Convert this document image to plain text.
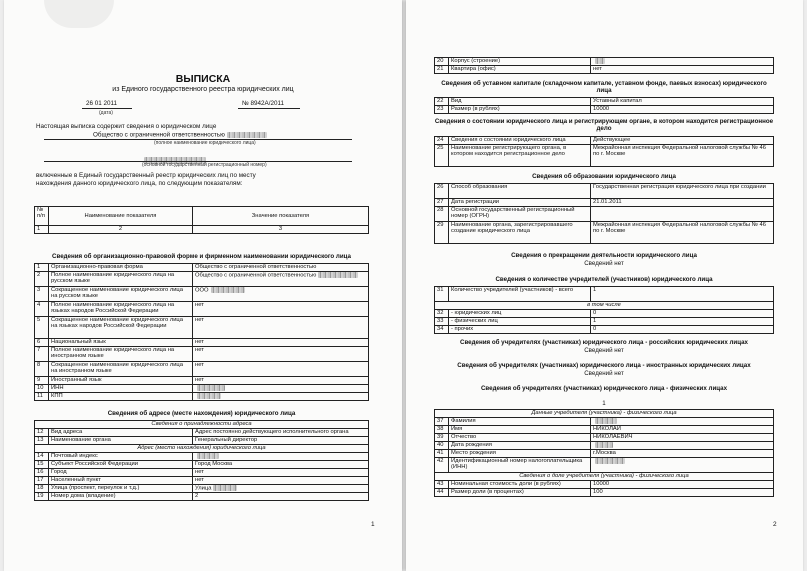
ВЫПИСКА
из Единого государственного реестра юридических лиц
26 01 2011
(дата)
№ 8942А/2011
Настоящая выписка содержит сведения о юридическом лице
Общество с ограниченной ответственностью
(полное наименование юридического лица)
(основной государственный регистрационный номер)
включенные в Единый государственный реестр юридических лиц по месту
нахождения данного юридического лица, по следующим показателям:
№ п/п	Наименование показателя	Значение показателя
1	2	3
Сведения об организационно-правовой форме и фирменном наименовании юридического лица
1	Организационно-правовая форма	Общество с ограниченной ответственностью
2	Полное наименование юридического лица на русском языке	Общество с ограниченной ответственностью
3	Сокращенное наименование юридического лица на русском языке	ООО
4	Полное наименование юридического лица на языках народов Российской Федерации	нет
5	Сокращенное наименование юридического лица на языках народов Российской Федерации	нет
6	Национальный язык	нет
7	Полное наименование юридического лица на иностранном языке	нет
8	Сокращенное наименование юридического лица на иностранном языке	нет
9	Иностранный язык	нет
10	ИНН	
11	КПП	
Сведения об адресе (месте нахождения) юридического лица
Сведения о принадлежности адреса		
12	Вид адреса	Адрес постоянно действующего исполнительного органа
13	Наименование органа	Генеральный директор
Адрес (место нахождения) юридического лица		
14	Почтовый индекс	
15	Субъект Российской Федерации	Город Москва
16	Город	нет
17	Населенный пункт	нет
18	Улица (проспект, переулок и т.д.)	Улица
19	Номер дома (владение)	2
1
20	Корпус (строение)	
21	Квартира (офис)	нет
Сведения об уставном капитале (складочном капитале, уставном фонде, паевых взносах) юридического лица
22	Вид	Уставный капитал
23	Размер (в рублях)	10000
Сведения о состоянии юридического лица и регистрирующем органе, в котором находится регистрационное дело
24	Сведения о состоянии юридического лица	Действующее
25	Наименование регистрирующего органа, в котором находится регистрационное дело	Межрайонная инспекция Федеральной налоговой службы № 46 по г. Москве
Сведения об образовании юридического лица
26	Способ образования	Государственная регистрация юридического лица при создании
27	Дата регистрации	21.01.2011
28	Основной государственный регистрационный номер (ОГРН)	
29	Наименование органа, зарегистрировавшего создание юридического лица	Межрайонная инспекция Федеральной налоговой службы № 46 по г. Москве
Сведения о прекращении деятельности юридического лица
Сведений нет
Сведения о количестве учредителей (участников) юридического лица
31	Количество учредителей (участников) - всего	1
в том числе		
32	- юридических лиц	0
33	- физических лиц	1
34	- прочих	0
Сведения об учредителях (участниках) юридического лица - российских юридических лицах
Сведений нет
Сведения об учредителях (участниках) юридического лица - иностранных юридических лицах
Сведений нет
Сведения об учредителях (участниках) юридического лица - физических лицах
1
Данные учредителя (участника) - физического лица		
37	Фамилия	
38	Имя	НИКОЛАЙ
39	Отчество	НИКОЛАЕВИЧ
40	Дата рождения	
41	Место рождения	г.Москва
42	Идентификационный номер налогоплательщика (ИНН)	
Сведения о доле учредителя (участника) - физического лица		
43	Номинальная стоимость доли (в рублях)	10000
44	Размер доли (в процентах)	100
2
